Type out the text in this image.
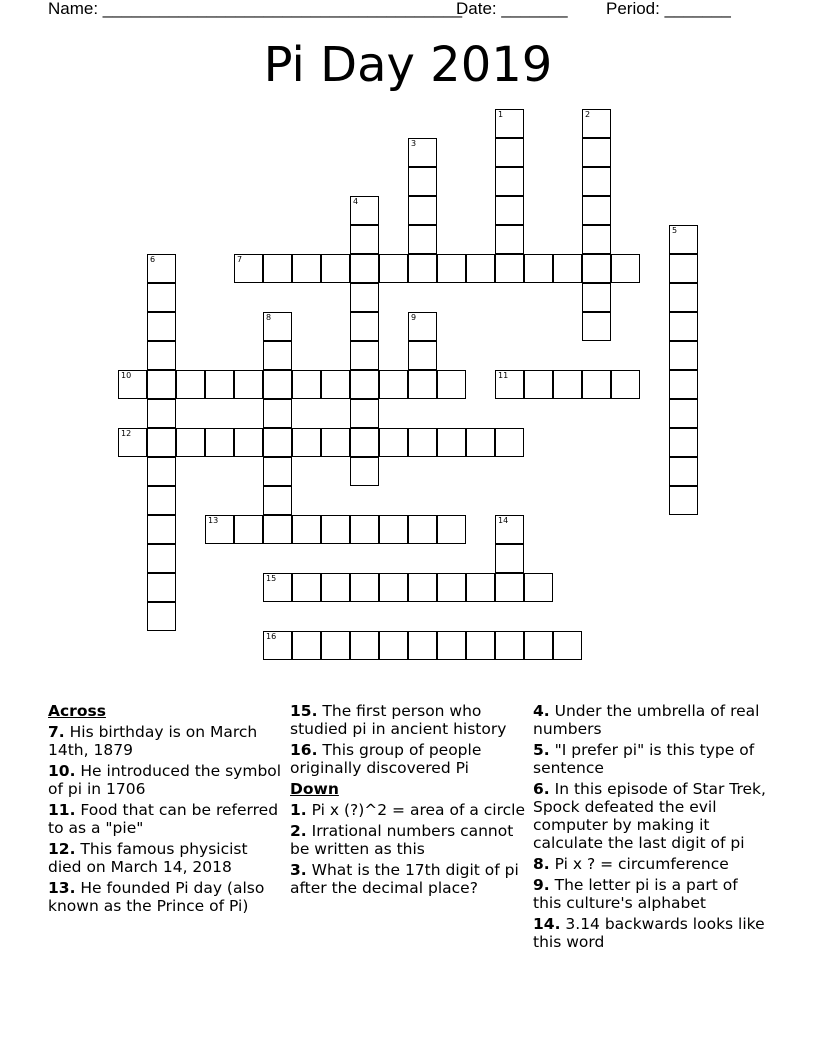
Name: ______________________________________
Date: _______ Period: _______
Pi Day 2019
7
10	11
12
13
15
16
1	2
3
4
5
6
8	9
14
Across
7. His birthday is on March 14th, 1879
10. He introduced the symbol of pi in 1706
11. Food that can be referred to as a "pie"
12. This famous physicist died on March 14, 2018
13. He founded Pi day (also known as the Prince of Pi)
15. The first person who studied pi in ancient history
16. This group of people originally discovered Pi
Down
1. Pi x (?)^2 = area of a circle
2. Irrational numbers cannot be written as this
3. What is the 17th digit of pi after the decimal place?
4. Under the umbrella of real numbers
5. "I prefer pi" is this type of sentence
6. In this episode of Star Trek, Spock defeated the evil computer by making it calculate the last digit of pi
8. Pi x ? = circumference
9. The letter pi is a part of this culture's alphabet
14. 3.14 backwards looks like this word
